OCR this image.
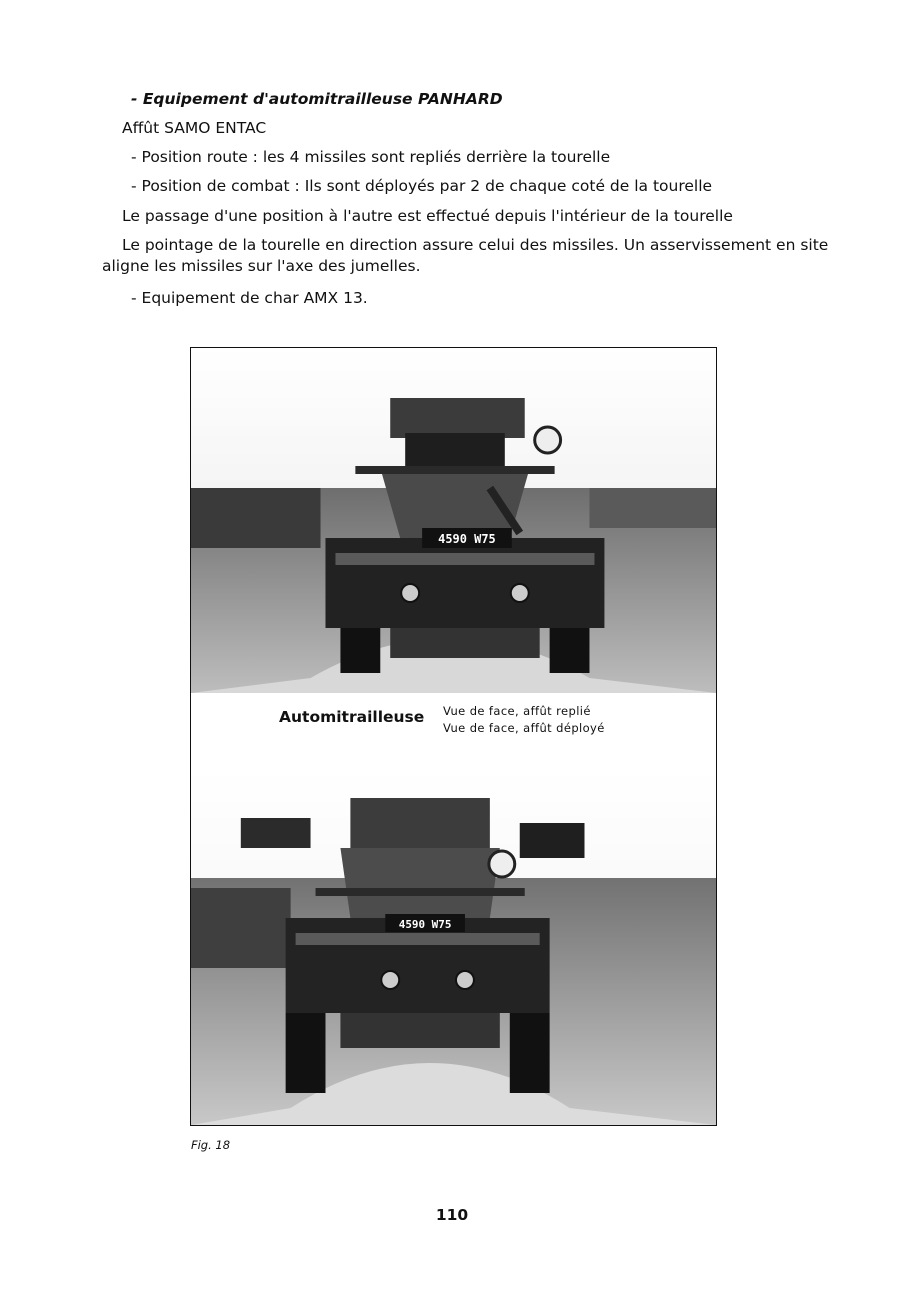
- Equipement d'automitrailleuse PANHARD
Affût SAMO ENTAC
- Position route : les 4 missiles sont repliés derrière la tourelle
- Position de combat : Ils sont déployés par 2 de chaque coté de la tourelle
Le passage d'une position à l'autre est effectué depuis l'intérieur de la tourelle
Le pointage de la tourelle en direction assure celui des missiles. Un asservissement en site aligne les missiles sur l'axe des jumelles.
- Equipement de char AMX 13.
4590 W75
Automitrailleuse Vue de face, affût replié
Vue de face, affût déployé
4590 W75
Fig. 18
110
